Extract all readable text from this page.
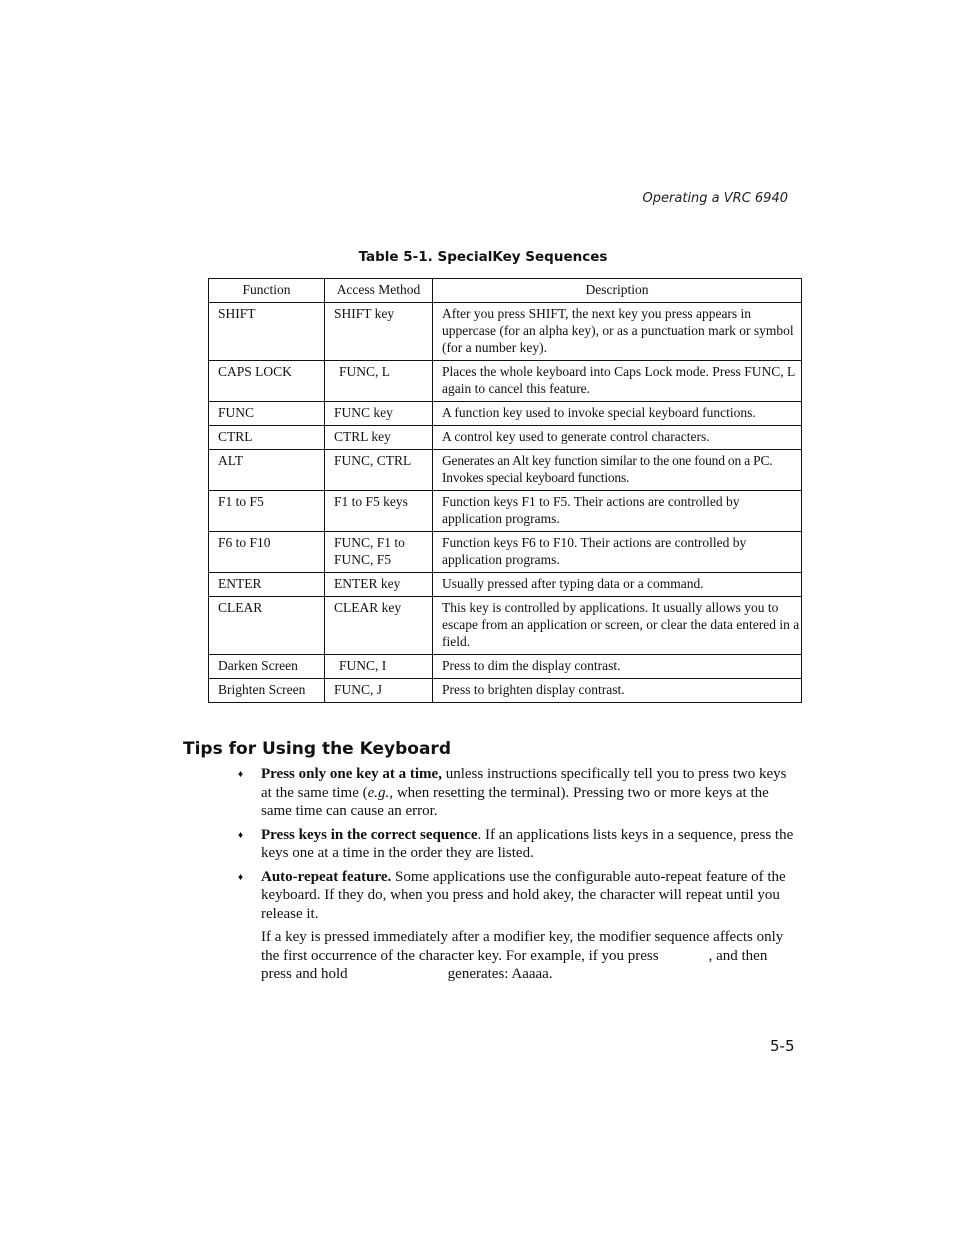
Operating a VRC 6940
Table 5-1. SpecialKey Sequences
Function	Access Method	Description
SHIFT	SHIFT key	After you press SHIFT, the next key you press appears in uppercase (for an alpha key), or as a punctuation mark or symbol (for a number key).
CAPS LOCK	FUNC, L	Places the whole keyboard into Caps Lock mode. Press FUNC, L again to cancel this feature.
FUNC	FUNC key	A function key used to invoke special keyboard functions.
CTRL	CTRL key	A control key used to generate control characters.
ALT	FUNC, CTRL	Generates an Alt key function similar to the one found on a PC. Invokes special keyboard functions.
F1 to F5	F1 to F5 keys	Function keys F1 to F5. Their actions are controlled by application programs.
F6 to F10	FUNC, F1 to FUNC, F5	Function keys F6 to F10. Their actions are controlled by application programs.
ENTER	ENTER key	Usually pressed after typing data or a command.
CLEAR	CLEAR key	This key is controlled by applications. It usually allows you to escape from an application or screen, or clear the data entered in a field.
Darken Screen	FUNC, I	Press to dim the display contrast.
Brighten Screen	FUNC, J	Press to brighten display contrast.
Tips for Using the Keyboard
♦ Press only one key at a time, unless instructions specifically tell you to press two keys at the same time (e.g., when resetting the terminal). Pressing two or more keys at the same time can cause an error.
♦ Press keys in the correct sequence. If an applications lists keys in a sequence, press the keys one at a time in the order they are listed.
♦ Auto-repeat feature. Some applications use the configurable auto-repeat feature of the keyboard. If they do, when you press and hold akey, the character will repeat until you release it.

If a key is pressed immediately after a modifier key, the modifier sequence affects only the first occurrence of the character key. For example, if you press	, and then press and hold	generates: Aaaaa.

5-5
